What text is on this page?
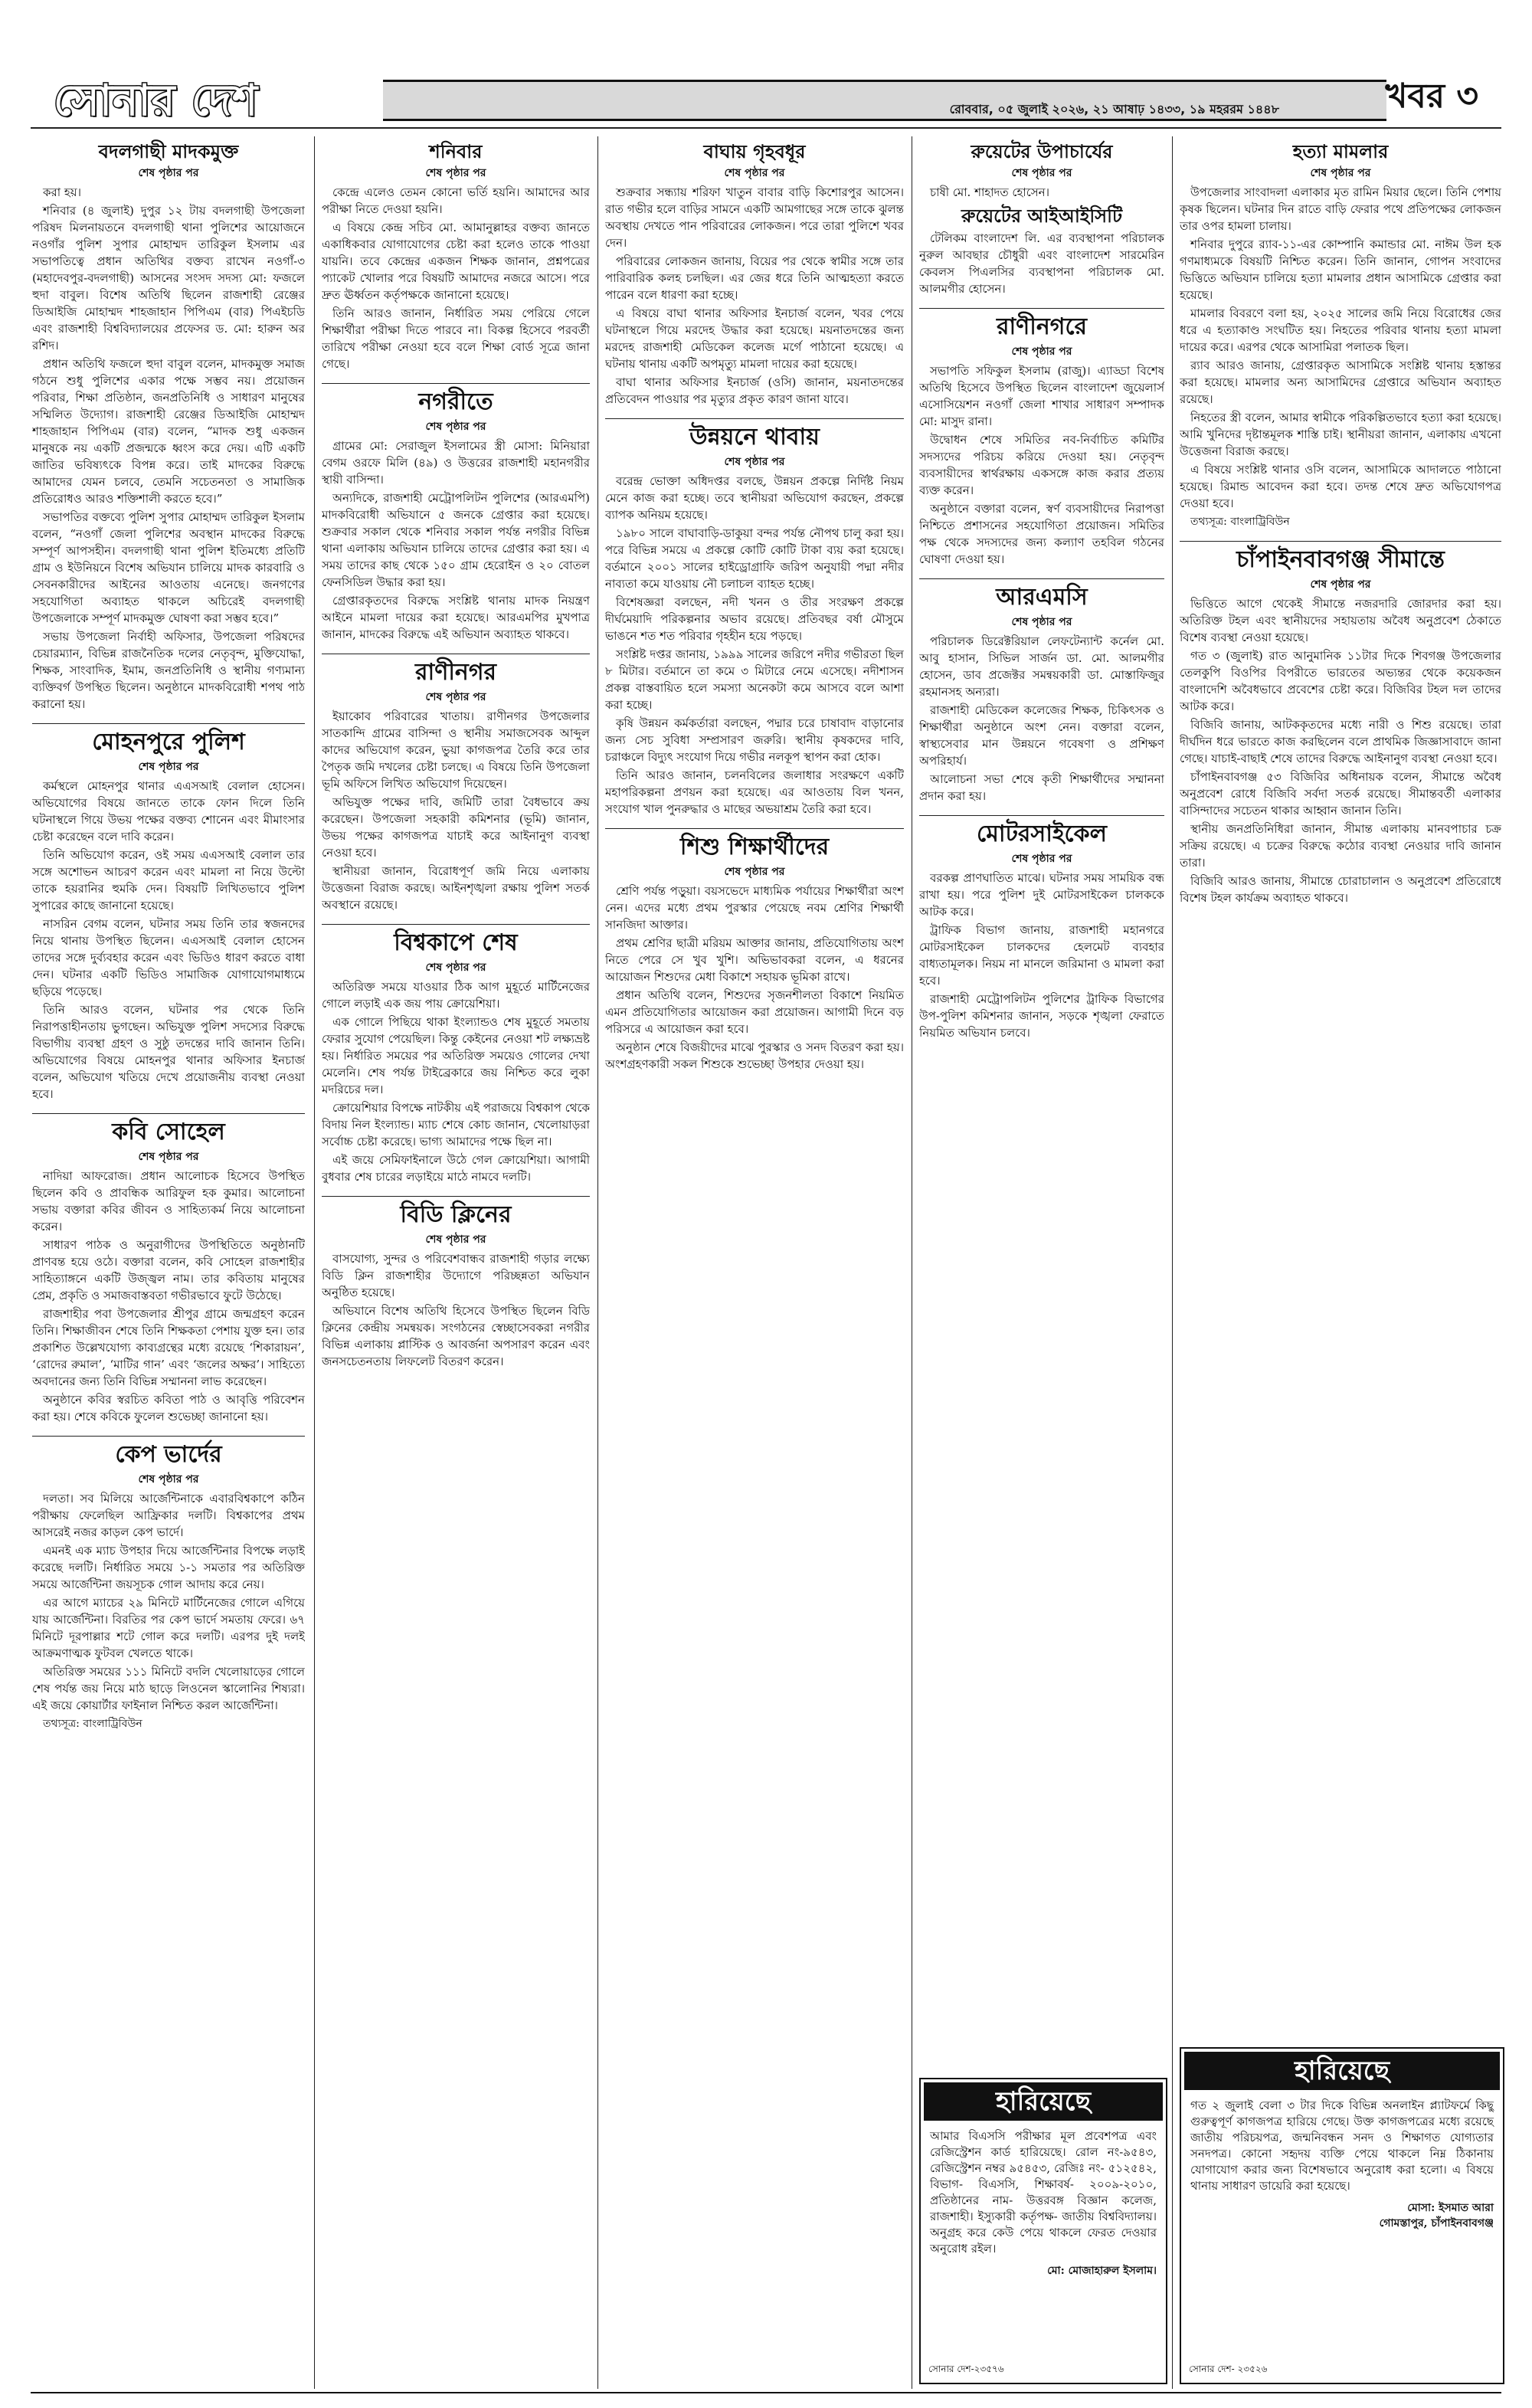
সোনার দেশ	রোববার, ০৫ জুলাই ২০২৬, ২১ আষাঢ় ১৪৩৩, ১৯ মহররম ১৪৪৮	খবর ৩
বদলগাছী মাদকমুক্ত
শেষ পৃষ্ঠার পর

করা হয়।

শনিবার (৪ জুলাই) দুপুর ১২ টায় বদলগাছী উপজেলা পরিষদ মিলনায়তনে বদলগাছী থানা পুলিশের আয়োজনে নওগাঁর পুলিশ সুপার মোহাম্মদ তারিকুল ইসলাম এর সভাপতিত্বে প্রধান অতিথির বক্তব্য রাখেন নওগাঁ-৩ (মহাদেবপুর-বদলগাছী) আসনের সংসদ সদস্য মো: ফজলে হুদা বাবুল। বিশেষ অতিথি ছিলেন রাজশাহী রেঞ্জের ডিআইজি মোহাম্মদ শাহজাহান পিপিএম (বার) পিএইচডি এবং রাজশাহী বিশ্ববিদ্যালয়ের প্রফেসর ড. মো: হারুন অর রশিদ।

প্রধান অতিথি ফজলে হুদা বাবুল বলেন, মাদকমুক্ত সমাজ গঠনে শুধু পুলিশের একার পক্ষে সম্ভব নয়। প্রয়োজন পরিবার, শিক্ষা প্রতিষ্ঠান, জনপ্রতিনিধি ও সাধারণ মানুষের সম্মিলিত উদ্যোগ। রাজশাহী রেঞ্জের ডিআইজি মোহাম্মদ শাহজাহান পিপিএম (বার) বলেন, “মাদক শুধু একজন মানুষকে নয় একটি প্রজন্মকে ধ্বংস করে দেয়। এটি একটি জাতির ভবিষ্যৎকে বিপন্ন করে। তাই মাদকের বিরুদ্ধে আমাদের যেমন চলবে, তেমনি সচেতনতা ও সামাজিক প্রতিরোধও আরও শক্তিশালী করতে হবে।”

সভাপতির বক্তব্যে পুলিশ সুপার মোহাম্মদ তারিকুল ইসলাম বলেন, “নওগাঁ জেলা পুলিশের অবস্থান মাদকের বিরুদ্ধে সম্পূর্ণ আপসহীন। বদলগাছী থানা পুলিশ ইতিমধ্যে প্রতিটি গ্রাম ও ইউনিয়নে বিশেষ অভিযান চালিয়ে মাদক কারবারি ও সেবনকারীদের আইনের আওতায় এনেছে। জনগণের সহযোগিতা অব্যাহত থাকলে অচিরেই বদলগাছী উপজেলাকে সম্পূর্ণ মাদকমুক্ত ঘোষণা করা সম্ভব হবে।”

সভায় উপজেলা নির্বাহী অফিসার, উপজেলা পরিষদের চেয়ারম্যান, বিভিন্ন রাজনৈতিক দলের নেতৃবৃন্দ, মুক্তিযোদ্ধা, শিক্ষক, সাংবাদিক, ইমাম, জনপ্রতিনিধি ও স্থানীয় গণ্যমান্য ব্যক্তিবর্গ উপস্থিত ছিলেন। অনুষ্ঠানে মাদকবিরোধী শপথ পাঠ করানো হয়।

মোহনপুরে পুলিশ
শেষ পৃষ্ঠার পর

কর্মস্থলে মোহনপুর থানার এএসআই বেলাল হোসেন। অভিযোগের বিষয়ে জানতে তাকে ফোন দিলে তিনি ঘটনাস্থলে গিয়ে উভয় পক্ষের বক্তব্য শোনেন এবং মীমাংসার চেষ্টা করেছেন বলে দাবি করেন।

তিনি অভিযোগ করেন, ওই সময় এএসআই বেলাল তার সঙ্গে অশোভন আচরণ করেন এবং মামলা না নিয়ে উল্টো তাকে হয়রানির হুমকি দেন। বিষয়টি লিখিতভাবে পুলিশ সুপারের কাছে জানানো হয়েছে।

নাসরিন বেগম বলেন, ঘটনার সময় তিনি তার স্বজনদের নিয়ে থানায় উপস্থিত ছিলেন। এএসআই বেলাল হোসেন তাদের সঙ্গে দুর্ব্যবহার করেন এবং ভিডিও ধারণ করতে বাধা দেন। ঘটনার একটি ভিডিও সামাজিক যোগাযোগমাধ্যমে ছড়িয়ে পড়েছে।

তিনি আরও বলেন, ঘটনার পর থেকে তিনি নিরাপত্তাহীনতায় ভুগছেন। অভিযুক্ত পুলিশ সদস্যের বিরুদ্ধে বিভাগীয় ব্যবস্থা গ্রহণ ও সুষ্ঠু তদন্তের দাবি জানান তিনি। অভিযোগের বিষয়ে মোহনপুর থানার অফিসার ইনচার্জ বলেন, অভিযোগ খতিয়ে দেখে প্রয়োজনীয় ব্যবস্থা নেওয়া হবে।

কবি সোহেল
শেষ পৃষ্ঠার পর

নাদিয়া আফরোজ। প্রধান আলোচক হিসেবে উপস্থিত ছিলেন কবি ও প্রাবন্ধিক আরিফুল হক কুমার। আলোচনা সভায় বক্তারা কবির জীবন ও সাহিত্যকর্ম নিয়ে আলোচনা করেন।

সাধারণ পাঠক ও অনুরাগীদের উপস্থিতিতে অনুষ্ঠানটি প্রাণবন্ত হয়ে ওঠে। বক্তারা বলেন, কবি সোহেল রাজশাহীর সাহিত্যাঙ্গনে একটি উজ্জ্বল নাম। তার কবিতায় মানুষের প্রেম, প্রকৃতি ও সমাজবাস্তবতা গভীরভাবে ফুটে উঠেছে।

রাজশাহীর পবা উপজেলার শ্রীপুর গ্রামে জন্মগ্রহণ করেন তিনি। শিক্ষাজীবন শেষে তিনি শিক্ষকতা পেশায় যুক্ত হন। তার প্রকাশিত উল্লেখযোগ্য কাব্যগ্রন্থের মধ্যে রয়েছে ‘শিকারায়ন’, ‘রোদের রুমাল’, ‘মাটির গান’ এবং ‘জলের অক্ষর’। সাহিত্যে অবদানের জন্য তিনি বিভিন্ন সম্মাননা লাভ করেছেন।

অনুষ্ঠানে কবির স্বরচিত কবিতা পাঠ ও আবৃত্তি পরিবেশন করা হয়। শেষে কবিকে ফুলেল শুভেচ্ছা জানানো হয়।

কেপ ভার্দের
শেষ পৃষ্ঠার পর

দলতা। সব মিলিয়ে আর্জেন্টিনাকে এবারবিশ্বকাপে কঠিন পরীক্ষায় ফেলেছিল আফ্রিকার দলটি। বিশ্বকাপের প্রথম আসরেই নজর কাড়ল কেপ ভার্দে।

এমনই এক ম্যাচ উপহার দিয়ে আর্জেন্টিনার বিপক্ষে লড়াই করেছে দলটি। নির্ধারিত সময়ে ১-১ সমতার পর অতিরিক্ত সময়ে আর্জেন্টিনা জয়সূচক গোল আদায় করে নেয়।

এর আগে ম্যাচের ২৯ মিনিটে মার্টিনেজের গোলে এগিয়ে যায় আর্জেন্টিনা। বিরতির পর কেপ ভার্দে সমতায় ফেরে। ৬৭ মিনিটে দূরপাল্লার শটে গোল করে দলটি। এরপর দুই দলই আক্রমণাত্মক ফুটবল খেলতে থাকে।

অতিরিক্ত সময়ের ১১১ মিনিটে বদলি খেলোয়াড়ের গোলে শেষ পর্যন্ত জয় নিয়ে মাঠ ছাড়ে লিওনেল স্কালোনির শিষ্যরা। এই জয়ে কোয়ার্টার ফাইনাল নিশ্চিত করল আর্জেন্টিনা।

তথ্যসূত্র: বাংলাট্রিবিউন

শনিবার
শেষ পৃষ্ঠার পর

কেন্দ্রে এলেও তেমন কোনো ভর্তি হয়নি। আমাদের আর পরীক্ষা নিতে দেওয়া হয়নি।

এ বিষয়ে কেন্দ্র সচিব মো. আমানুল্লাহর বক্তব্য জানতে একাধিকবার যোগাযোগের চেষ্টা করা হলেও তাকে পাওয়া যায়নি। তবে কেন্দ্রের একজন শিক্ষক জানান, প্রশ্নপত্রের প্যাকেট খোলার পরে বিষয়টি আমাদের নজরে আসে। পরে দ্রুত ঊর্ধ্বতন কর্তৃপক্ষকে জানানো হয়েছে।

তিনি আরও জানান, নির্ধারিত সময় পেরিয়ে গেলে শিক্ষার্থীরা পরীক্ষা দিতে পারবে না। বিকল্প হিসেবে পরবর্তী তারিখে পরীক্ষা নেওয়া হবে বলে শিক্ষা বোর্ড সূত্রে জানা গেছে।

নগরীতে
শেষ পৃষ্ঠার পর

গ্রামের মো: সেরাজুল ইসলামের স্ত্রী মোসা: মিনিয়ারা বেগম ওরফে মিলি (৪৯) ও উত্তরের রাজশাহী মহানগরীর স্থায়ী বাসিন্দা।

অন্যদিকে, রাজশাহী মেট্রোপলিটন পুলিশের (আরএমপি) মাদকবিরোধী অভিযানে ৫ জনকে গ্রেপ্তার করা হয়েছে। শুক্রবার সকাল থেকে শনিবার সকাল পর্যন্ত নগরীর বিভিন্ন থানা এলাকায় অভিযান চালিয়ে তাদের গ্রেপ্তার করা হয়। এ সময় তাদের কাছ থেকে ১৫০ গ্রাম হেরোইন ও ২০ বোতল ফেনসিডিল উদ্ধার করা হয়।

গ্রেপ্তারকৃতদের বিরুদ্ধে সংশ্লিষ্ট থানায় মাদক নিয়ন্ত্রণ আইনে মামলা দায়ের করা হয়েছে। আরএমপির মুখপাত্র জানান, মাদকের বিরুদ্ধে এই অভিযান অব্যাহত থাকবে।

রাণীনগর
শেষ পৃষ্ঠার পর

ইয়াকোব পরিবারের খাতায়। রাণীনগর উপজেলার সাতকান্দি গ্রামের বাসিন্দা ও স্থানীয় সমাজসেবক আব্দুল কাদের অভিযোগ করেন, ভুয়া কাগজপত্র তৈরি করে তার পৈতৃক জমি দখলের চেষ্টা চলছে। এ বিষয়ে তিনি উপজেলা ভূমি অফিসে লিখিত অভিযোগ দিয়েছেন।

অভিযুক্ত পক্ষের দাবি, জমিটি তারা বৈধভাবে ক্রয় করেছেন। উপজেলা সহকারী কমিশনার (ভূমি) জানান, উভয় পক্ষের কাগজপত্র যাচাই করে আইনানুগ ব্যবস্থা নেওয়া হবে।

স্থানীয়রা জানান, বিরোধপূর্ণ জমি নিয়ে এলাকায় উত্তেজনা বিরাজ করছে। আইনশৃঙ্খলা রক্ষায় পুলিশ সতর্ক অবস্থানে রয়েছে।

বিশ্বকাপে শেষ
শেষ পৃষ্ঠার পর

অতিরিক্ত সময়ে যাওয়ার ঠিক আগ মুহূর্তে মার্টিনেজের গোলে লড়াই এক জয় পায় ক্রোয়েশিয়া।

এক গোলে পিছিয়ে থাকা ইংল্যান্ডও শেষ মুহূর্তে সমতায় ফেরার সুযোগ পেয়েছিল। কিন্তু কেইনের নেওয়া শট লক্ষ্যভ্রষ্ট হয়। নির্ধারিত সময়ের পর অতিরিক্ত সময়েও গোলের দেখা মেলেনি। শেষ পর্যন্ত টাইব্রেকারে জয় নিশ্চিত করে লুকা মদরিচের দল।

ক্রোয়েশিয়ার বিপক্ষে নাটকীয় এই পরাজয়ে বিশ্বকাপ থেকে বিদায় নিল ইংল্যান্ড। ম্যাচ শেষে কোচ জানান, খেলোয়াড়রা সর্বোচ্চ চেষ্টা করেছে। ভাগ্য আমাদের পক্ষে ছিল না।

এই জয়ে সেমিফাইনালে উঠে গেল ক্রোয়েশিয়া। আগামী বুধবার শেষ চারের লড়াইয়ে মাঠে নামবে দলটি।

বিডি ক্লিনের
শেষ পৃষ্ঠার পর

বাসযোগ্য, সুন্দর ও পরিবেশবান্ধব রাজশাহী গড়ার লক্ষ্যে বিডি ক্লিন রাজশাহীর উদ্যোগে পরিচ্ছন্নতা অভিযান অনুষ্ঠিত হয়েছে।

অভিযানে বিশেষ অতিথি হিসেবে উপস্থিত ছিলেন বিডি ক্লিনের কেন্দ্রীয় সমন্বয়ক। সংগঠনের স্বেচ্ছাসেবকরা নগরীর বিভিন্ন এলাকায় প্লাস্টিক ও আবর্জনা অপসারণ করেন এবং জনসচেতনতায় লিফলেট বিতরণ করেন।

বাঘায় গৃহবধূর
শেষ পৃষ্ঠার পর

শুক্রবার সন্ধ্যায় শরিফা খাতুন বাবার বাড়ি কিশোরপুর আসেন। রাত গভীর হলে বাড়ির সামনে একটি আমগাছের সঙ্গে তাকে ঝুলন্ত অবস্থায় দেখতে পান পরিবারের লোকজন। পরে তারা পুলিশে খবর দেন।

পরিবারের লোকজন জানায়, বিয়ের পর থেকে স্বামীর সঙ্গে তার পারিবারিক কলহ চলছিল। এর জের ধরে তিনি আত্মহত্যা করতে পারেন বলে ধারণা করা হচ্ছে।

এ বিষয়ে বাঘা থানার অফিসার ইনচার্জ বলেন, খবর পেয়ে ঘটনাস্থলে গিয়ে মরদেহ উদ্ধার করা হয়েছে। ময়নাতদন্তের জন্য মরদেহ রাজশাহী মেডিকেল কলেজ মর্গে পাঠানো হয়েছে। এ ঘটনায় থানায় একটি অপমৃত্যু মামলা দায়ের করা হয়েছে।

বাঘা থানার অফিসার ইনচার্জ (ওসি) জানান, ময়নাতদন্তের প্রতিবেদন পাওয়ার পর মৃত্যুর প্রকৃত কারণ জানা যাবে।

উন্নয়নে থাবায়
শেষ পৃষ্ঠার পর

বরেন্দ্র ভোক্তা অধিদপ্তর বলছে, উন্নয়ন প্রকল্পে নির্দিষ্ট নিয়ম মেনে কাজ করা হচ্ছে। তবে স্থানীয়রা অভিযোগ করছেন, প্রকল্পে ব্যাপক অনিয়ম হয়েছে।

১৯৮০ সালে বাঘাবাড়ি-ডাকুয়া বন্দর পর্যন্ত নৌপথ চালু করা হয়। পরে বিভিন্ন সময়ে এ প্রকল্পে কোটি কোটি টাকা ব্যয় করা হয়েছে। বর্তমানে ২০০১ সালের হাইড্রোগ্রাফি জরিপ অনুযায়ী পদ্মা নদীর নাব্যতা কমে যাওয়ায় নৌ চলাচল ব্যাহত হচ্ছে।

বিশেষজ্ঞরা বলছেন, নদী খনন ও তীর সংরক্ষণ প্রকল্পে দীর্ঘমেয়াদি পরিকল্পনার অভাব রয়েছে। প্রতিবছর বর্ষা মৌসুমে ভাঙনে শত শত পরিবার গৃহহীন হয়ে পড়ছে।

সংশ্লিষ্ট দপ্তর জানায়, ১৯৯৯ সালের জরিপে নদীর গভীরতা ছিল ৮ মিটার। বর্তমানে তা কমে ৩ মিটারে নেমে এসেছে। নদীশাসন প্রকল্প বাস্তবায়িত হলে সমস্যা অনেকটা কমে আসবে বলে আশা করা হচ্ছে।

কৃষি উন্নয়ন কর্মকর্তারা বলছেন, পদ্মার চরে চাষাবাদ বাড়ানোর জন্য সেচ সুবিধা সম্প্রসারণ জরুরি। স্থানীয় কৃষকদের দাবি, চরাঞ্চলে বিদ্যুৎ সংযোগ দিয়ে গভীর নলকূপ স্থাপন করা হোক।

তিনি আরও জানান, চলনবিলের জলাধার সংরক্ষণে একটি মহাপরিকল্পনা প্রণয়ন করা হয়েছে। এর আওতায় বিল খনন, সংযোগ খাল পুনরুদ্ধার ও মাছের অভয়াশ্রম তৈরি করা হবে।

শিশু শিক্ষার্থীদের
শেষ পৃষ্ঠার পর

শ্রেণি পর্যন্ত পড়ুয়া। বয়সভেদে মাধ্যমিক পর্যায়ের শিক্ষার্থীরা অংশ নেন। এদের মধ্যে প্রথম পুরস্কার পেয়েছে নবম শ্রেণির শিক্ষার্থী সানজিদা আক্তার।

প্রথম শ্রেণির ছাত্রী মরিয়ম আক্তার জানায়, প্রতিযোগিতায় অংশ নিতে পেরে সে খুব খুশি। অভিভাবকরা বলেন, এ ধরনের আয়োজন শিশুদের মেধা বিকাশে সহায়ক ভূমিকা রাখে।

প্রধান অতিথি বলেন, শিশুদের সৃজনশীলতা বিকাশে নিয়মিত এমন প্রতিযোগিতার আয়োজন করা প্রয়োজন। আগামী দিনে বড় পরিসরে এ আয়োজন করা হবে।

অনুষ্ঠান শেষে বিজয়ীদের মাঝে পুরস্কার ও সনদ বিতরণ করা হয়। অংশগ্রহণকারী সকল শিশুকে শুভেচ্ছা উপহার দেওয়া হয়।

রুয়েটের উপাচার্যের
শেষ পৃষ্ঠার পর

চাষী মো. শাহাদত হোসেন।

রুয়েটের আইআইসিটি

টেলিকম বাংলাদেশ লি. এর ব্যবস্থাপনা পরিচালক নুরুল আবছার চৌধুরী এবং বাংলাদেশ সারমেরিন কেবলস পিএলসির ব্যবস্থাপনা পরিচালক মো. আলমগীর হোসেন।

রাণীনগরে
শেষ পৃষ্ঠার পর

সভাপতি সফিকুল ইসলাম (রাজু)। এ্যাড্ডা বিশেষ অতিথি হিসেবে উপস্থিত ছিলেন বাংলাদেশ জুয়েলার্স এসোসিয়েশন নওগাঁ জেলা শাখার সাধারণ সম্পাদক মো: মাসুদ রানা।

উদ্বোধন শেষে সমিতির নব-নির্বাচিত কমিটির সদস্যদের পরিচয় করিয়ে দেওয়া হয়। নেতৃবৃন্দ ব্যবসায়ীদের স্বার্থরক্ষায় একসঙ্গে কাজ করার প্রত্যয় ব্যক্ত করেন।

অনুষ্ঠানে বক্তারা বলেন, স্বর্ণ ব্যবসায়ীদের নিরাপত্তা নিশ্চিতে প্রশাসনের সহযোগিতা প্রয়োজন। সমিতির পক্ষ থেকে সদস্যদের জন্য কল্যাণ তহবিল গঠনের ঘোষণা দেওয়া হয়।

আরএমসি
শেষ পৃষ্ঠার পর

পরিচালক ডিরেক্টরিয়াল লেফটেন্যান্ট কর্নেল মো. আবু হাসান, সিভিল সার্জন ডা. মো. আলমগীর হোসেন, ডাব প্রজেক্টর সমন্বয়কারী ডা. মোস্তাফিজুর রহমানসহ অন্যরা।

রাজশাহী মেডিকেল কলেজের শিক্ষক, চিকিৎসক ও শিক্ষার্থীরা অনুষ্ঠানে অংশ নেন। বক্তারা বলেন, স্বাস্থ্যসেবার মান উন্নয়নে গবেষণা ও প্রশিক্ষণ অপরিহার্য।

আলোচনা সভা শেষে কৃতী শিক্ষার্থীদের সম্মাননা প্রদান করা হয়।

মোটরসাইকেল
শেষ পৃষ্ঠার পর

বরকল্প প্রাণঘাতিত মাঝে। ঘটনার সময় সাময়িক বন্ধ রাখা হয়। পরে পুলিশ দুই মোটরসাইকেল চালককে আটক করে।

ট্রাফিক বিভাগ জানায়, রাজশাহী মহানগরে মোটরসাইকেল চালকদের হেলমেট ব্যবহার বাধ্যতামূলক। নিয়ম না মানলে জরিমানা ও মামলা করা হবে।

রাজশাহী মেট্রোপলিটন পুলিশের ট্রাফিক বিভাগের উপ-পুলিশ কমিশনার জানান, সড়কে শৃঙ্খলা ফেরাতে নিয়মিত অভিযান চলবে।

হারিয়েছে
আমার বিএসসি পরীক্ষার মূল প্রবেশপত্র এবং রেজিস্ট্রেশন কার্ড হারিয়েছে। রোল নং-৯৫৪৩, রেজিস্ট্রেশন নম্বর ৯৫৪৫৩, রেজিঃ নং- ৫১২৫৪২, বিভাগ- বিএসসি, শিক্ষাবর্ষ- ২০০৯-২০১০, প্রতিষ্ঠানের নাম- উত্তরবঙ্গ বিজ্ঞান কলেজ, রাজশাহী। ইস্যুকারী কর্তৃপক্ষ- জাতীয় বিশ্ববিদ্যালয়। অনুগ্রহ করে কেউ পেয়ে থাকলে ফেরত দেওয়ার অনুরোধ রইল।
মো: মোজাহারুল ইসলাম।
সোনার দেশ-২৩৫৭৬
হত্যা মামলার
শেষ পৃষ্ঠার পর

উপজেলার সাংবাদলা এলাকার মৃত রামিন মিয়ার ছেলে। তিনি পেশায় কৃষক ছিলেন। ঘটনার দিন রাতে বাড়ি ফেরার পথে প্রতিপক্ষের লোকজন তার ওপর হামলা চালায়।

শনিবার দুপুরে র‌্যাব-১১-এর কোম্পানি কমান্ডার মো. নাঈম উল হক গণমাধ্যমকে বিষয়টি নিশ্চিত করেন। তিনি জানান, গোপন সংবাদের ভিত্তিতে অভিযান চালিয়ে হত্যা মামলার প্রধান আসামিকে গ্রেপ্তার করা হয়েছে।

মামলার বিবরণে বলা হয়, ২০২৫ সালের জমি নিয়ে বিরোধের জের ধরে এ হত্যাকাণ্ড সংঘটিত হয়। নিহতের পরিবার থানায় হত্যা মামলা দায়ের করে। এরপর থেকে আসামিরা পলাতক ছিল।

র‌্যাব আরও জানায়, গ্রেপ্তারকৃত আসামিকে সংশ্লিষ্ট থানায় হস্তান্তর করা হয়েছে। মামলার অন্য আসামিদের গ্রেপ্তারে অভিযান অব্যাহত রয়েছে।

নিহতের স্ত্রী বলেন, আমার স্বামীকে পরিকল্পিতভাবে হত্যা করা হয়েছে। আমি খুনিদের দৃষ্টান্তমূলক শাস্তি চাই। স্থানীয়রা জানান, এলাকায় এখনো উত্তেজনা বিরাজ করছে।

এ বিষয়ে সংশ্লিষ্ট থানার ওসি বলেন, আসামিকে আদালতে পাঠানো হয়েছে। রিমান্ড আবেদন করা হবে। তদন্ত শেষে দ্রুত অভিযোগপত্র দেওয়া হবে।

তথ্যসূত্র: বাংলাট্রিবিউন

চাঁপাইনবাবগঞ্জ সীমান্তে
শেষ পৃষ্ঠার পর

ভিত্তিতে আগে থেকেই সীমান্তে নজরদারি জোরদার করা হয়। অতিরিক্ত টহল এবং স্থানীয়দের সহায়তায় অবৈধ অনুপ্রবেশ ঠেকাতে বিশেষ ব্যবস্থা নেওয়া হয়েছে।

গত ৩ (জুলাই) রাত আনুমানিক ১১টার দিকে শিবগঞ্জ উপজেলার তেলকুপি বিওপির বিপরীতে ভারতের অভ্যন্তর থেকে কয়েকজন বাংলাদেশি অবৈধভাবে প্রবেশের চেষ্টা করে। বিজিবির টহল দল তাদের আটক করে।

বিজিবি জানায়, আটককৃতদের মধ্যে নারী ও শিশু রয়েছে। তারা দীর্ঘদিন ধরে ভারতে কাজ করছিলেন বলে প্রাথমিক জিজ্ঞাসাবাদে জানা গেছে। যাচাই-বাছাই শেষে তাদের বিরুদ্ধে আইনানুগ ব্যবস্থা নেওয়া হবে।

চাঁপাইনবাবগঞ্জ ৫৩ বিজিবির অধিনায়ক বলেন, সীমান্তে অবৈধ অনুপ্রবেশ রোধে বিজিবি সর্বদা সতর্ক রয়েছে। সীমান্তবর্তী এলাকার বাসিন্দাদের সচেতন থাকার আহ্বান জানান তিনি।

স্থানীয় জনপ্রতিনিধিরা জানান, সীমান্ত এলাকায় মানবপাচার চক্র সক্রিয় রয়েছে। এ চক্রের বিরুদ্ধে কঠোর ব্যবস্থা নেওয়ার দাবি জানান তারা।

বিজিবি আরও জানায়, সীমান্তে চোরাচালান ও অনুপ্রবেশ প্রতিরোধে বিশেষ টহল কার্যক্রম অব্যাহত থাকবে।

হারিয়েছে
গত ২ জুলাই বেলা ৩ টার দিকে বিভিন্ন অনলাইন প্ল্যাটফর্মে কিছু গুরুত্বপূর্ণ কাগজপত্র হারিয়ে গেছে। উক্ত কাগজপত্রের মধ্যে রয়েছে জাতীয় পরিচয়পত্র, জন্মনিবন্ধন সনদ ও শিক্ষাগত যোগ্যতার সনদপত্র। কোনো সহৃদয় ব্যক্তি পেয়ে থাকলে নিম্ন ঠিকানায় যোগাযোগ করার জন্য বিশেষভাবে অনুরোধ করা হলো। এ বিষয়ে থানায় সাধারণ ডায়েরি করা হয়েছে।
মোসা: ইসমাত আরা
গোমস্তাপুর, চাঁপাইনবাবগঞ্জ
সোনার দেশ- ২৩৫২৬
